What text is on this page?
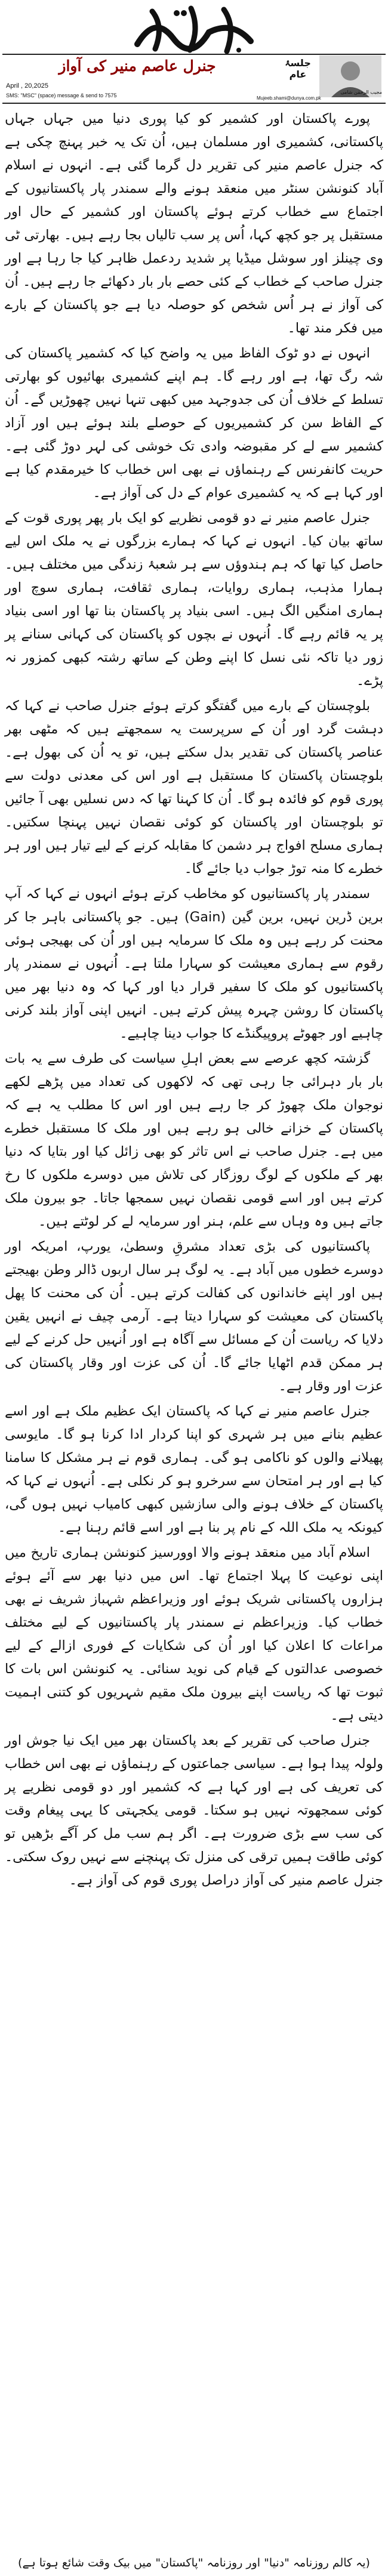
جنرل عاصم منیر کی آواز	جلسۂ
عام
مجیب الرحمٰن شامی
April , 20,2025
SMS: "MSC" (space) message & send to 7575	Mujeeb.shami@dunya.com.pk

پورے پاکستان اور کشمیر کو کیا پوری دنیا میں جہاں جہاں پاکستانی، کشمیری اور مسلمان ہیں، اُن تک یہ خبر پہنچ چکی ہے کہ جنرل عاصم منیر کی تقریر دل گرما گئی ہے۔ انہوں نے اسلام آباد کنونشن سنٹر میں منعقد ہونے والے سمندر پار پاکستانیوں کے اجتماع سے خطاب کرتے ہوئے پاکستان اور کشمیر کے حال اور مستقبل پر جو کچھ کہا، اُس پر سب تالیاں بجا رہے ہیں۔ بھارتی ٹی وی چینلز اور سوشل میڈیا پر شدید ردعمل ظاہر کیا جا رہا ہے اور جنرل صاحب کے خطاب کے کئی حصے بار بار دکھائے جا رہے ہیں۔ اُن کی آواز نے ہر اُس شخص کو حوصلہ دیا ہے جو پاکستان کے بارے میں فکر مند تھا۔

انہوں نے دو ٹوک الفاظ میں یہ واضح کیا کہ کشمیر پاکستان کی شہ رگ تھا، ہے اور رہے گا۔ ہم اپنے کشمیری بھائیوں کو بھارتی تسلط کے خلاف اُن کی جدوجہد میں کبھی تنہا نہیں چھوڑیں گے۔ اُن کے الفاظ سن کر کشمیریوں کے حوصلے بلند ہوئے ہیں اور آزاد کشمیر سے لے کر مقبوضہ وادی تک خوشی کی لہر دوڑ گئی ہے۔ حریت کانفرنس کے رہنماؤں نے بھی اس خطاب کا خیرمقدم کیا ہے اور کہا ہے کہ یہ کشمیری عوام کے دل کی آواز ہے۔

جنرل عاصم منیر نے دو قومی نظریے کو ایک بار پھر پوری قوت کے ساتھ بیان کیا۔ انہوں نے کہا کہ ہمارے بزرگوں نے یہ ملک اس لیے حاصل کیا تھا کہ ہم ہندوؤں سے ہر شعبۂ زندگی میں مختلف ہیں۔ ہمارا مذہب، ہماری روایات، ہماری ثقافت، ہماری سوچ اور ہماری امنگیں الگ ہیں۔ اسی بنیاد پر پاکستان بنا تھا اور اسی بنیاد پر یہ قائم رہے گا۔ اُنہوں نے بچوں کو پاکستان کی کہانی سنانے پر زور دیا تاکہ نئی نسل کا اپنے وطن کے ساتھ رشتہ کبھی کمزور نہ پڑے۔

بلوچستان کے بارے میں گفتگو کرتے ہوئے جنرل صاحب نے کہا کہ دہشت گرد اور اُن کے سرپرست یہ سمجھتے ہیں کہ مٹھی بھر عناصر پاکستان کی تقدیر بدل سکتے ہیں، تو یہ اُن کی بھول ہے۔ بلوچستان پاکستان کا مستقبل ہے اور اس کی معدنی دولت سے پوری قوم کو فائدہ ہو گا۔ اُن کا کہنا تھا کہ دس نسلیں بھی آ جائیں تو بلوچستان اور پاکستان کو کوئی نقصان نہیں پہنچا سکتیں۔ ہماری مسلح افواج ہر دشمن کا مقابلہ کرنے کے لیے تیار ہیں اور ہر خطرے کا منہ توڑ جواب دیا جائے گا۔

سمندر پار پاکستانیوں کو مخاطب کرتے ہوئے انہوں نے کہا کہ آپ برین ڈرین نہیں، برین گین (Gain) ہیں۔ جو پاکستانی باہر جا کر محنت کر رہے ہیں وہ ملک کا سرمایہ ہیں اور اُن کی بھیجی ہوئی رقوم سے ہماری معیشت کو سہارا ملتا ہے۔ اُنہوں نے سمندر پار پاکستانیوں کو ملک کا سفیر قرار دیا اور کہا کہ وہ دنیا بھر میں پاکستان کا روشن چہرہ پیش کرتے ہیں۔ انہیں اپنی آواز بلند کرنی چاہیے اور جھوٹے پروپیگنڈے کا جواب دینا چاہیے۔

گزشتہ کچھ عرصے سے بعض اہلِ سیاست کی طرف سے یہ بات بار بار دہرائی جا رہی تھی کہ لاکھوں کی تعداد میں پڑھے لکھے نوجوان ملک چھوڑ کر جا رہے ہیں اور اس کا مطلب یہ ہے کہ پاکستان کے خزانے خالی ہو رہے ہیں اور ملک کا مستقبل خطرے میں ہے۔ جنرل صاحب نے اس تاثر کو بھی زائل کیا اور بتایا کہ دنیا بھر کے ملکوں کے لوگ روزگار کی تلاش میں دوسرے ملکوں کا رخ کرتے ہیں اور اسے قومی نقصان نہیں سمجھا جاتا۔ جو بیرون ملک جاتے ہیں وہ وہاں سے علم، ہنر اور سرمایہ لے کر لوٹتے ہیں۔

پاکستانیوں کی بڑی تعداد مشرقِ وسطیٰ، یورپ، امریکہ اور دوسرے خطوں میں آباد ہے۔ یہ لوگ ہر سال اربوں ڈالر وطن بھیجتے ہیں اور اپنے خاندانوں کی کفالت کرتے ہیں۔ اُن کی محنت کا پھل پاکستان کی معیشت کو سہارا دیتا ہے۔ آرمی چیف نے انہیں یقین دلایا کہ ریاست اُن کے مسائل سے آگاہ ہے اور اُنہیں حل کرنے کے لیے ہر ممکن قدم اٹھایا جائے گا۔ اُن کی عزت اور وقار پاکستان کی عزت اور وقار ہے۔

جنرل عاصم منیر نے کہا کہ پاکستان ایک عظیم ملک ہے اور اسے عظیم بنانے میں ہر شہری کو اپنا کردار ادا کرنا ہو گا۔ مایوسی پھیلانے والوں کو ناکامی ہو گی۔ ہماری قوم نے ہر مشکل کا سامنا کیا ہے اور ہر امتحان سے سرخرو ہو کر نکلی ہے۔ اُنہوں نے کہا کہ پاکستان کے خلاف ہونے والی سازشیں کبھی کامیاب نہیں ہوں گی، کیونکہ یہ ملک اللہ کے نام پر بنا ہے اور اسے قائم رہنا ہے۔

اسلام آباد میں منعقد ہونے والا اوورسیز کنونشن ہماری تاریخ میں اپنی نوعیت کا پہلا اجتماع تھا۔ اس میں دنیا بھر سے آئے ہوئے ہزاروں پاکستانی شریک ہوئے اور وزیراعظم شہباز شریف نے بھی خطاب کیا۔ وزیراعظم نے سمندر پار پاکستانیوں کے لیے مختلف مراعات کا اعلان کیا اور اُن کی شکایات کے فوری ازالے کے لیے خصوصی عدالتوں کے قیام کی نوید سنائی۔ یہ کنونشن اس بات کا ثبوت تھا کہ ریاست اپنے بیرون ملک مقیم شہریوں کو کتنی اہمیت دیتی ہے۔

جنرل صاحب کی تقریر کے بعد پاکستان بھر میں ایک نیا جوش اور ولولہ پیدا ہوا ہے۔ سیاسی جماعتوں کے رہنماؤں نے بھی اس خطاب کی تعریف کی ہے اور کہا ہے کہ کشمیر اور دو قومی نظریے پر کوئی سمجھوتہ نہیں ہو سکتا۔ قومی یکجہتی کا یہی پیغام وقت کی سب سے بڑی ضرورت ہے۔ اگر ہم سب مل کر آگے بڑھیں تو کوئی طاقت ہمیں ترقی کی منزل تک پہنچنے سے نہیں روک سکتی۔ جنرل عاصم منیر کی آواز دراصل پوری قوم کی آواز ہے۔

(یہ کالم روزنامہ "دنیا" اور روزنامہ "پاکستان" میں بیک وقت شائع ہوتا ہے)
